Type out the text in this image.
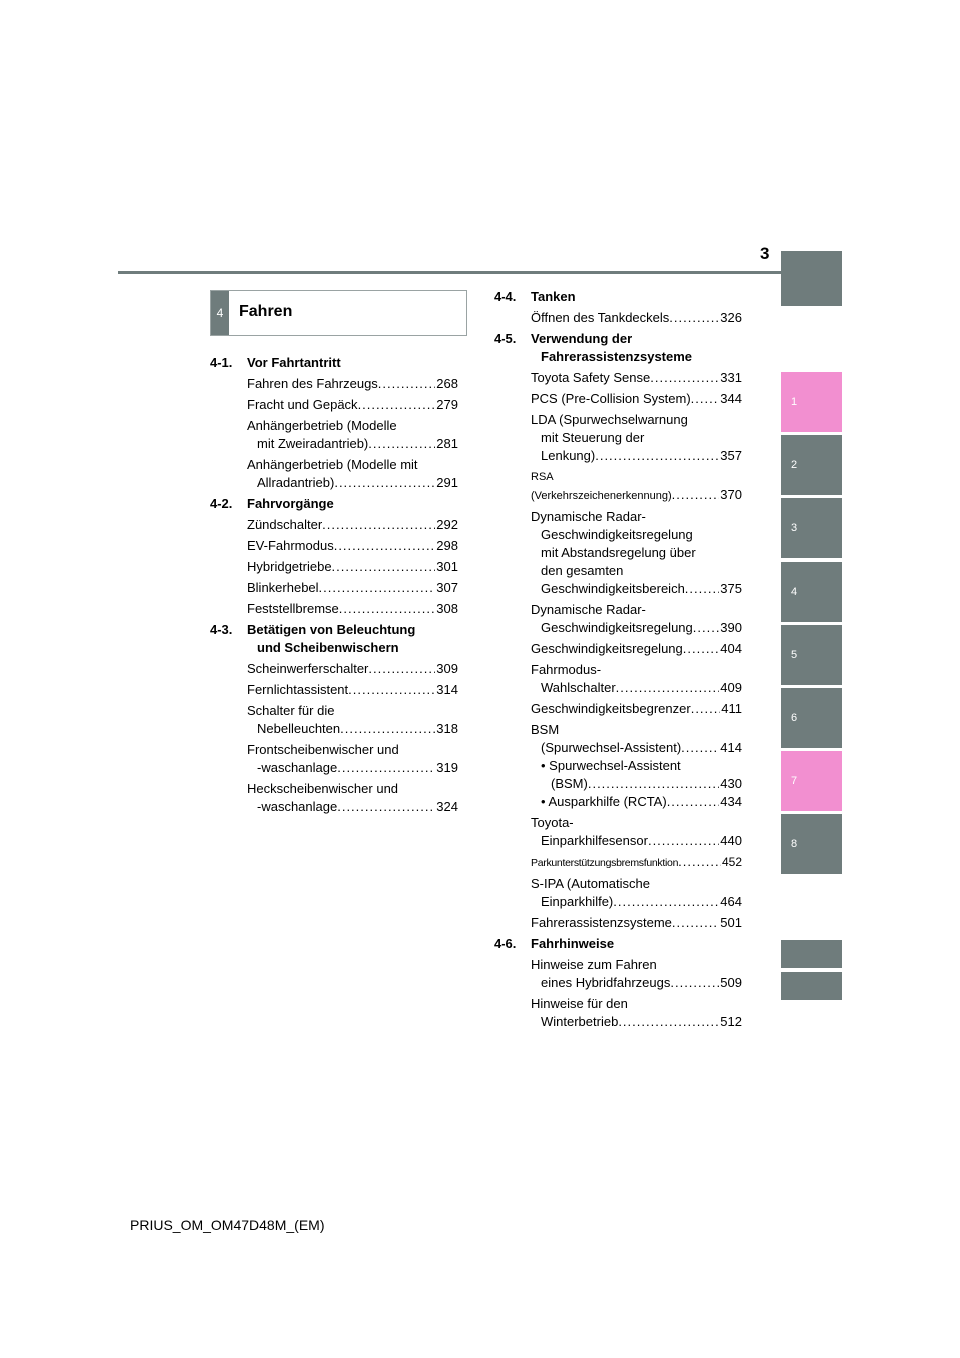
3
1
2
3
4
5
6
7
8
4 Fahren
4-1.	Vor Fahrtantritt
Fahren des Fahrzeugs .....	268
Fracht und Gepäck .....	279
Anhängerbetrieb (Modelle
mit Zweiradantrieb) .....	281
Anhängerbetrieb (Modelle mit
Allradantrieb) .....	291
4-2.	Fahrvorgänge
Zündschalter .....	292
EV-Fahrmodus .....	298
Hybridgetriebe .....	301
Blinkerhebel .....	307
Feststellbremse .....	308
4-3.	Betätigen von Beleuchtung
und Scheibenwischern
Scheinwerferschalter .....	309
Fernlichtassistent .....	314
Schalter für die
Nebelleuchten .....	318
Frontscheibenwischer und
-waschanlage .....	319
Heckscheibenwischer und
-waschanlage .....	324
4-4.	Tanken
Öffnen des Tankdeckels .....	326
4-5.	Verwendung der
Fahrerassistenzsysteme
Toyota Safety Sense .....	331
PCS (Pre-Collision System) ..... 344
LDA (Spurwechselwarnung
mit Steuerung der
Lenkung) .....	357
RSA
(Verkehrszeichenerkennung) .....	370
Dynamische Radar-
Geschwindigkeitsregelung
mit Abstandsregelung über
den gesamten
Geschwindigkeitsbereich .....	375
Dynamische Radar-
Geschwindigkeitsregelung ..... 390
Geschwindigkeitsregelung .....	404
Fahrmodus-
Wahlschalter .....	409
Geschwindigkeitsbegrenzer ..... 411
BSM
(Spurwechsel-Assistent) .....	414
• Spurwechsel-Assistent
(BSM) .....	430
• Ausparkhilfe (RCTA) .....	434
Toyota-
Einparkhilfesensor .....	440
Parkunterstützungsbremsfunktion .....	452
S-IPA (Automatische
Einparkhilfe) .....	464
Fahrerassistenzsysteme .....	501
4-6.	Fahrhinweise
Hinweise zum Fahren
eines Hybridfahrzeugs .....	509
Hinweise für den
Winterbetrieb .....	512
PRIUS_OM_OM47D48M_(EM)
